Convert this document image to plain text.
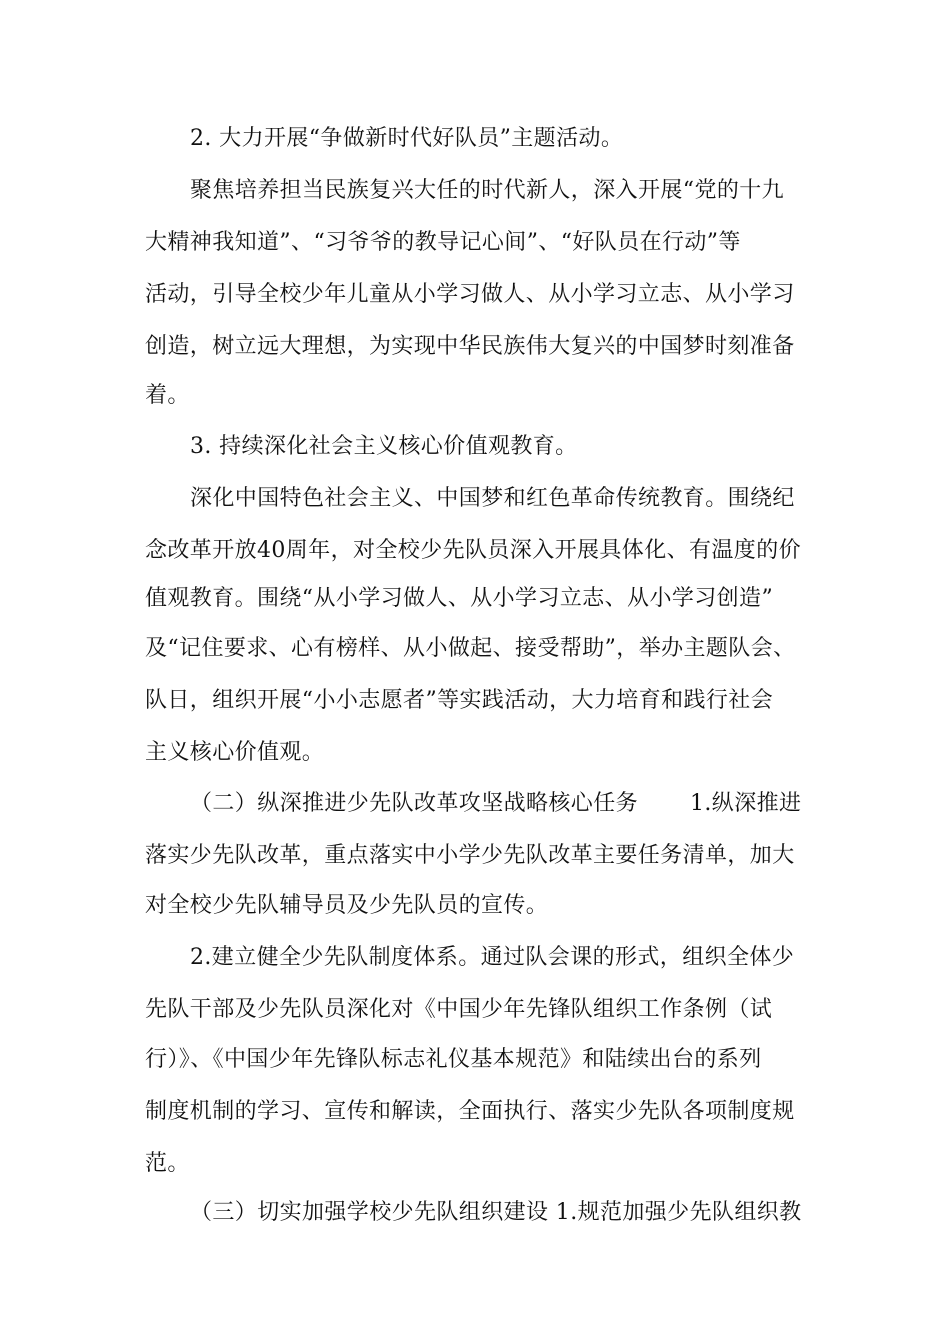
2. 大力开展“争做新时代好队员”主题活动。
聚焦培养担当民族复兴大任的时代新人，深入开展“党的十九
大精神我知道”、“习爷爷的教导记心间”、“好队员在行动”等
活动，引导全校少年儿童从小学习做人、从小学习立志、从小学习
创造，树立远大理想，为实现中华民族伟大复兴的中国梦时刻准备
着。
3. 持续深化社会主义核心价值观教育。
深化中国特色社会主义、中国梦和红色革命传统教育。围绕纪
念改革开放40周年，对全校少先队员深入开展具体化、有温度的价
值观教育。围绕“从小学习做人、从小学习立志、从小学习创造”
及“记住要求、心有榜样、从小做起、接受帮助”，举办主题队会、
队日，组织开展“小小志愿者”等实践活动，大力培育和践行社会
主义核心价值观。
（二）纵深推进少先队改革攻坚战略核心任务 1.纵深推进
落实少先队改革，重点落实中小学少先队改革主要任务清单，加大
对全校少先队辅导员及少先队员的宣传。
2.建立健全少先队制度体系。通过队会课的形式，组织全体少
先队干部及少先队员深化对《中国少年先锋队组织工作条例（试
行）》、《中国少年先锋队标志礼仪基本规范》和陆续出台的系列
制度机制的学习、宣传和解读，全面执行、落实少先队各项制度规
范。
（三）切实加强学校少先队组织建设 1.规范加强少先队组织教
